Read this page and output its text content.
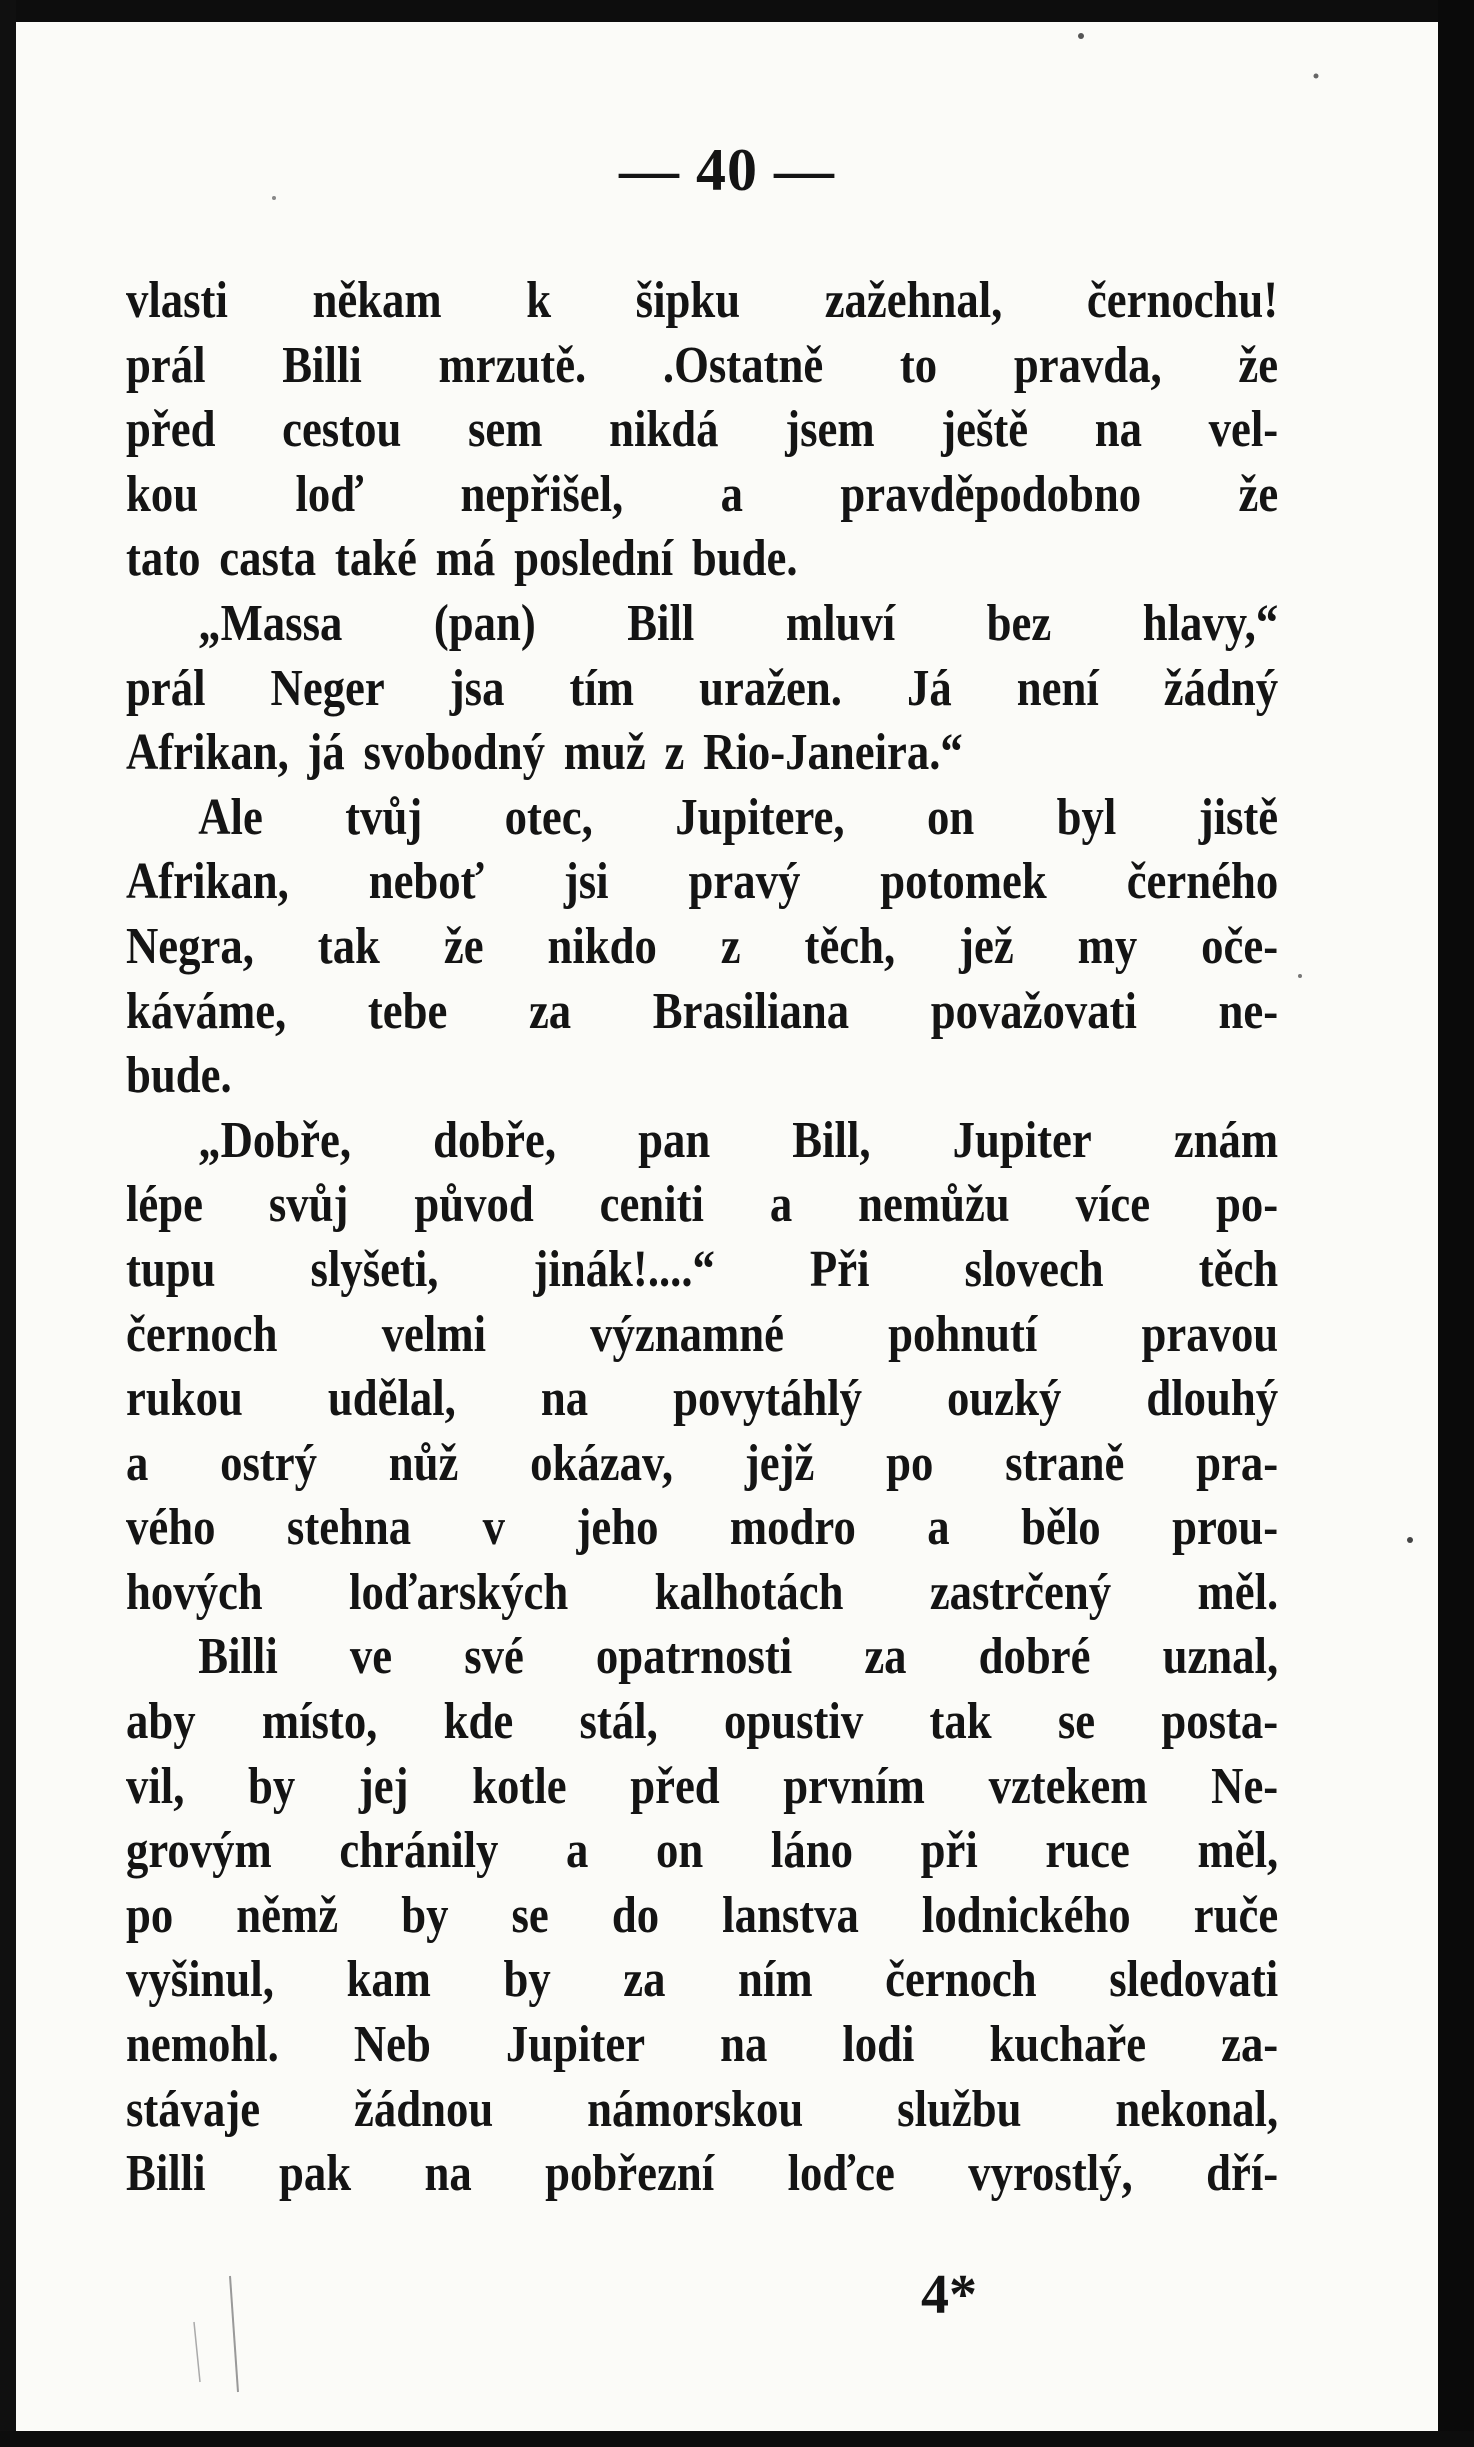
— 40 —
vlasti někam k šipku zažehnal, černochu!
prál Billi mrzutě. .Ostatně to pravda, že
před cestou sem nikdá jsem ještě na vel-
kou loď nepřišel, a pravděpodobno že
tato casta také má poslední bude.
„Massa (pan) Bill mluví bez hlavy,“
prál Neger jsa tím uražen. Já není žádný
Afrikan, já svobodný muž z Rio-Janeira.“
Ale tvůj otec, Jupitere, on byl jistě
Afrikan, neboť jsi pravý potomek černého
Negra, tak že nikdo z těch, jež my oče-
káváme, tebe za Brasiliana považovati ne-
bude.
„Dobře, dobře, pan Bill, Jupiter znám
lépe svůj původ ceniti a nemůžu více po-
tupu slyšeti, jinák!....“ Při slovech těch
černoch velmi významné pohnutí pravou
rukou udělal, na povytáhlý ouzký dlouhý
a ostrý nůž okázav, jejž po straně pra-
vého stehna v jeho modro a bělo prou-
hových loďarských kalhotách zastrčený měl.
Billi ve své opatrnosti za dobré uznal,
aby místo, kde stál, opustiv tak se posta-
vil, by jej kotle před prvním vztekem Ne-
grovým chránily a on láno při ruce měl,
po němž by se do lanstva lodnického ruče
vyšinul, kam by za ním černoch sledovati
nemohl. Neb Jupiter na lodi kuchaře za-
stávaje žádnou námorskou službu nekonal,
Billi pak na pobřezní loďce vyrostlý, dří-
4*
